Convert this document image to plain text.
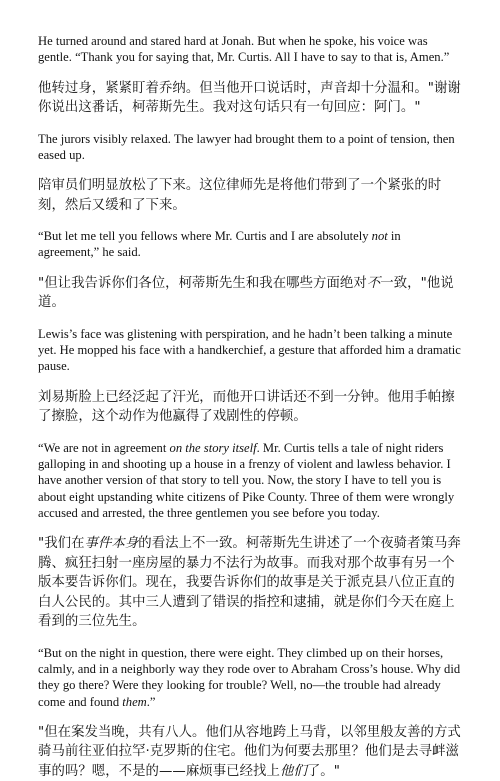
He turned around and stared hard at Jonah. But when he spoke, his voice was gentle. “Thank you for saying that, Mr. Curtis. All I have to say to that is, Amen.”

他转过身，紧紧盯着乔纳。但当他开口说话时，声音却十分温和。"谢谢你说出这番话，柯蒂斯先生。我对这句话只有一句回应：阿门。"

The jurors visibly relaxed. The lawyer had brought them to a point of tension, then eased up.

陪审员们明显放松了下来。这位律师先是将他们带到了一个紧张的时刻，然后又缓和了下来。

“But let me tell you fellows where Mr. Curtis and I are absolutely not in agreement,” he said.

"但让我告诉你们各位，柯蒂斯先生和我在哪些方面绝对不一致，"他说道。

Lewis’s face was glistening with perspiration, and he hadn’t been talking a minute yet. He mopped his face with a handkerchief, a gesture that afforded him a dramatic pause.

刘易斯脸上已经泛起了汗光，而他开口讲话还不到一分钟。他用手帕擦了擦脸，这个动作为他赢得了戏剧性的停顿。

“We are not in agreement on the story itself. Mr. Curtis tells a tale of night riders galloping in and shooting up a house in a frenzy of violent and lawless behavior. I have another version of that story to tell you. Now, the story I have to tell you is about eight upstanding white citizens of Pike County. Three of them were wrongly accused and arrested, the three gentlemen you see before you today.

"我们在事件本身的看法上不一致。柯蒂斯先生讲述了一个夜骑者策马奔腾、疯狂扫射一座房屋的暴力不法行为故事。而我对那个故事有另一个版本要告诉你们。现在，我要告诉你们的故事是关于派克县八位正直的白人公民的。其中三人遭到了错误的指控和逮捕，就是你们今天在庭上看到的三位先生。

“But on the night in question, there were eight. They climbed up on their horses, calmly, and in a neighborly way they rode over to Abraham Cross’s house. Why did they go there? Were they looking for trouble? Well, no—the trouble had already come and found them.”

"但在案发当晚，共有八人。他们从容地跨上马背，以邻里般友善的方式骑马前往亚伯拉罕·克罗斯的住宅。他们为何要去那里？他们是去寻衅滋事的吗？嗯，不是的——麻烦事已经找上他们了。"
